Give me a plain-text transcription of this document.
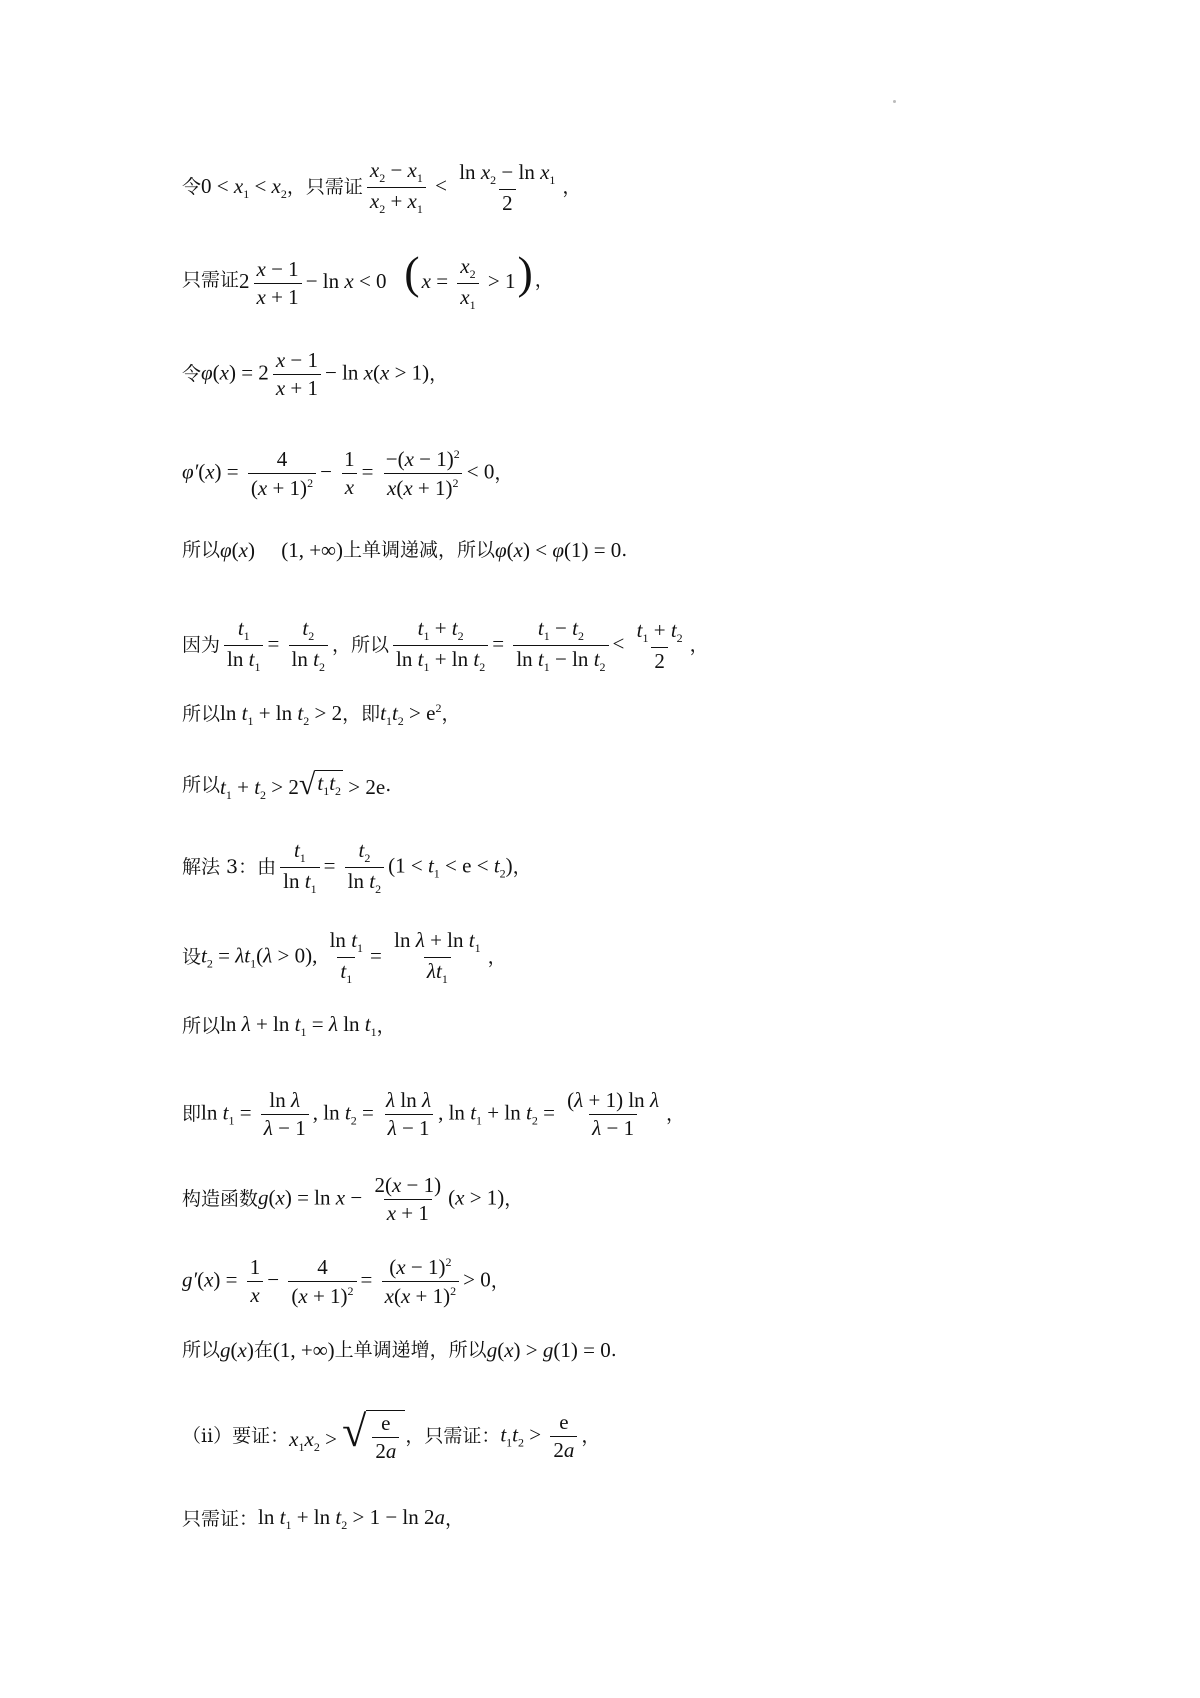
令 $0 < x_1 < x_2$ ，只需证 $\frac{x_2 - x_1}{x_2 + x_1} < \frac{\ln x_2 - \ln x_1}{2}$ ，
只需证 $2 \frac{x - 1}{x + 1} - \ln x < 0$   $(x = \frac{x_2}{x_1} > 1)$ ，
令 $\varphi(x) = 2 \frac{x - 1}{x + 1} - \ln x(x > 1)$ ，
$\varphi'(x) = \frac{4}{(x + 1)^2} - \frac{1}{x} = \frac{-(x - 1)^2}{x(x + 1)^2} < 0$ ，
所以 φ(x)     (1, +∞) 上单调递减，所以 φ(x) < φ(1) = 0 .
因为 $\frac{t_1}{\ln t_1} = \frac{t_2}{\ln t_2}$ ，所以 $\frac{t_1 + t_2}{\ln t_1 + \ln t_2} = \frac{t_1 - t_2}{\ln t_1 - \ln t_2} < \frac{t_1 + t_2}{2}$ ，
所以 $\ln t_1 + \ln t_2 > 2$ ，即 $t_1t_2 > e^2$ ，
所以 $t_1 + t_2 > 2$ √ $t_1t_2 > 2e$ .
解法 3：由 $\frac{t_1}{\ln t_1} = \frac{t_2}{\ln t_2} (1 < t_1 < e < t_2)$ ，
设 $t_2 = \lambda t_1(\lambda > 0)$, $\frac{\ln t_1}{t_1} = \frac{\ln \lambda + \ln t_1}{\lambda t_1}$ ，
所以 $\ln \lambda + \ln t_1 = \lambda$ $\ln t_1$ ，
即 $\ln t_1 = \frac{\text{ln λ}}{\lambda - 1}$ , $\ln t_2 = \frac{\text{λ ln λ}}{\lambda - 1}$ , $\ln t_1 + \ln t_2 = \frac{\text{(λ + 1) ln λ}}{\lambda - 1}$ ，
构造函数 $g(x) = \ln x - \frac{2(x - 1)}{x + 1} (x > 1)$ ，
$g'(x) = \frac{1}{x} - \frac{4}{(x + 1)^2} = \frac{(x - 1)^2}{x(x + 1)^2} > 0$ ，
所以 g(x) 在 (1, +∞) 上单调递增，所以 g(x) > g(1) = 0 .
（ii）要证： $x_1x_2$ > √ $\frac{e}{2a}$ ，只需证： $t_1t_2 > \frac{e}{2a}$ ，
只需证： $\ln t_1 + \ln t_2 > 1 - \ln 2a$ ，
